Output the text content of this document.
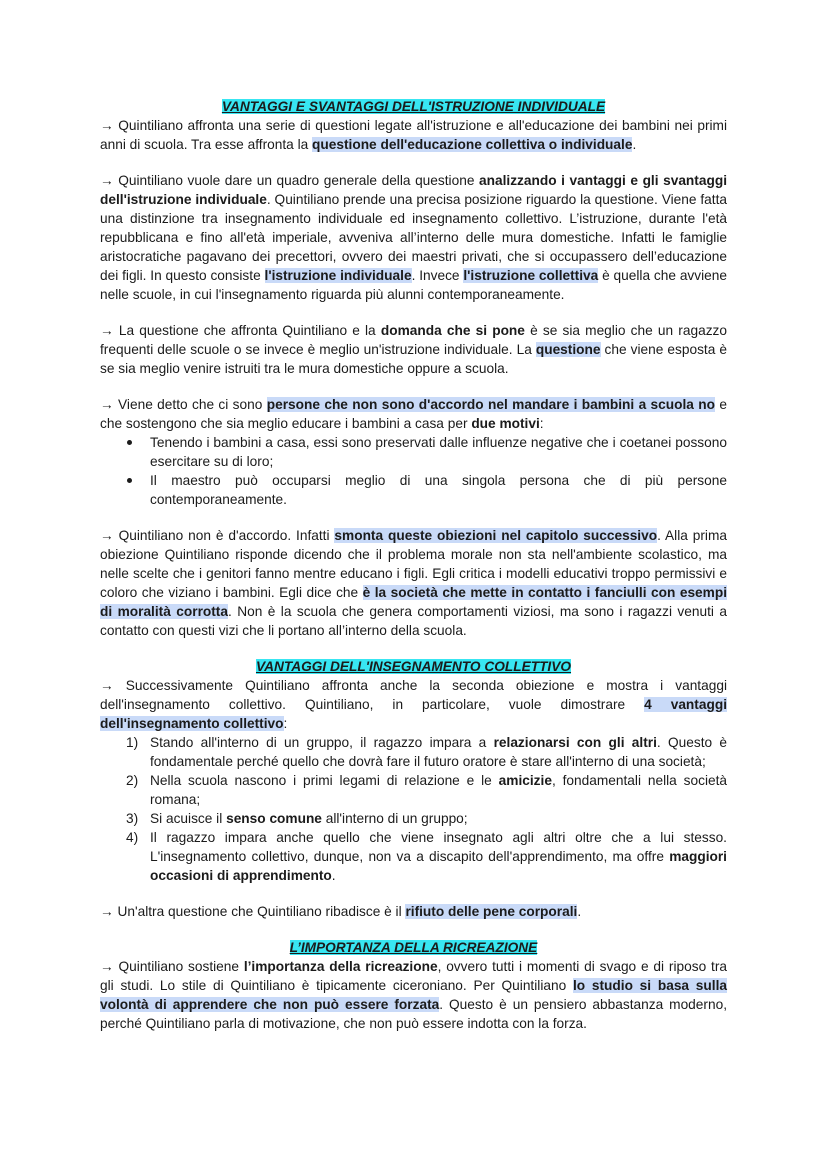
VANTAGGI E SVANTAGGI DELL'ISTRUZIONE INDIVIDUALE

→ Quintiliano affronta una serie di questioni legate all'istruzione e all'educazione dei bambini nei primi anni di scuola. Tra esse affronta la questione dell'educazione collettiva o individuale.

→ Quintiliano vuole dare un quadro generale della questione analizzando i vantaggi e gli svantaggi dell'istruzione individuale. Quintiliano prende una precisa posizione riguardo la questione. Viene fatta una distinzione tra insegnamento individuale ed insegnamento collettivo. L’istruzione, durante l'età repubblicana e fino all'età imperiale, avveniva all’interno delle mura domestiche. Infatti le famiglie aristocratiche pagavano dei precettori, ovvero dei maestri privati, che si occupassero dell’educazione dei figli. In questo consiste l'istruzione individuale. Invece l'istruzione collettiva è quella che avviene nelle scuole, in cui l'insegnamento riguarda più alunni contemporaneamente.

→ La questione che affronta Quintiliano e la domanda che si pone è se sia meglio che un ragazzo frequenti delle scuole o se invece è meglio un'istruzione individuale. La questione che viene esposta è se sia meglio venire istruiti tra le mura domestiche oppure a scuola.

→ Viene detto che ci sono persone che non sono d'accordo nel mandare i bambini a scuola no e che sostengono che sia meglio educare i bambini a casa per due motivi:

Tenendo i bambini a casa, essi sono preservati dalle influenze negative che i coetanei possono esercitare su di loro;
Il maestro può occuparsi meglio di una singola persona che di più persone contemporaneamente.

→ Quintiliano non è d'accordo. Infatti smonta queste obiezioni nel capitolo successivo. Alla prima obiezione Quintiliano risponde dicendo che il problema morale non sta nell'ambiente scolastico, ma nelle scelte che i genitori fanno mentre educano i figli. Egli critica i modelli educativi troppo permissivi e coloro che viziano i bambini. Egli dice che è la società che mette in contatto i fanciulli con esempi di moralità corrotta. Non è la scuola che genera comportamenti viziosi, ma sono i ragazzi venuti a contatto con questi vizi che li portano all’interno della scuola.

VANTAGGI DELL'INSEGNAMENTO COLLETTIVO

→ Successivamente Quintiliano affronta anche la seconda obiezione e mostra i vantaggi dell'insegnamento collettivo. Quintiliano, in particolare, vuole dimostrare 4 vantaggi dell'insegnamento collettivo:

1) Stando all'interno di un gruppo, il ragazzo impara a relazionarsi con gli altri. Questo è fondamentale perché quello che dovrà fare il futuro oratore è stare all'interno di una società;
2) Nella scuola nascono i primi legami di relazione e le amicizie, fondamentali nella società romana;
3) Si acuisce il senso comune all'interno di un gruppo;
4) Il ragazzo impara anche quello che viene insegnato agli altri oltre che a lui stesso. L'insegnamento collettivo, dunque, non va a discapito dell'apprendimento, ma offre maggiori occasioni di apprendimento.

→ Un'altra questione che Quintiliano ribadisce è il rifiuto delle pene corporali.

L’IMPORTANZA DELLA RICREAZIONE

→ Quintiliano sostiene l’importanza della ricreazione, ovvero tutti i momenti di svago e di riposo tra gli studi. Lo stile di Quintiliano è tipicamente ciceroniano. Per Quintiliano lo studio si basa sulla volontà di apprendere che non può essere forzata. Questo è un pensiero abbastanza moderno, perché Quintiliano parla di motivazione, che non può essere indotta con la forza.
